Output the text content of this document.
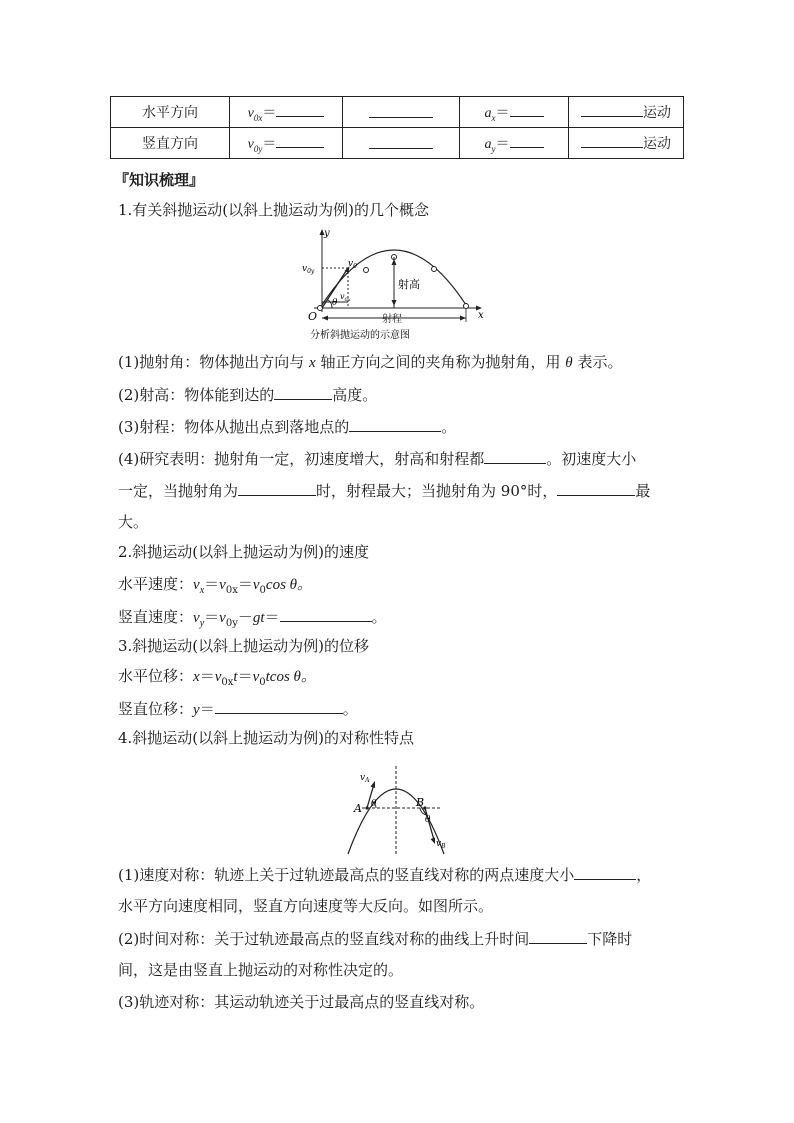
水平方向	$v_{0x}=$		$a_x=$	运动
竖直方向	$v_{0y}=$		$a_y=$	运动
『知识梳理』
1.有关斜抛运动(以斜上抛运动为例)的几个概念
y
x
O
$v_{0y}$
$v_0$
$v_{0x}$
θ
射高
射程
分析斜抛运动的示意图
(1)抛射角：物体抛出方向与 x 轴正方向之间的夹角称为抛射角，用 θ 表示。
(2)射高：物体能到达的	高度。
(3)射程：物体从抛出点到落地点的	。
(4)研究表明：抛射角一定，初速度增大，射高和射程都	。初速度大小
一定，当抛射角为	时，射程最大；当抛射角为 90°时，	最
大。
2.斜抛运动(以斜上抛运动为例)的速度
水平速度：$v_x=v_{0x}=v_0\cos$ θ。
竖直速度：$v_y=v_{0y}-gt=$	。
3.斜抛运动(以斜上抛运动为例)的位移
水平位移：$x=v_{0x}t=v_0tcos$ θ。
竖直位移：y＝	。
4.斜抛运动(以斜上抛运动为例)的对称性特点
$v_A$
A θ	B
θ
$v_B$
(1)速度对称：轨迹上关于过轨迹最高点的竖直线对称的两点速度大小	，
水平方向速度相同，竖直方向速度等大反向。如图所示。
(2)时间对称：关于过轨迹最高点的竖直线对称的曲线上升时间	下降时
间，这是由竖直上抛运动的对称性决定的。
(3)轨迹对称：其运动轨迹关于过最高点的竖直线对称。
